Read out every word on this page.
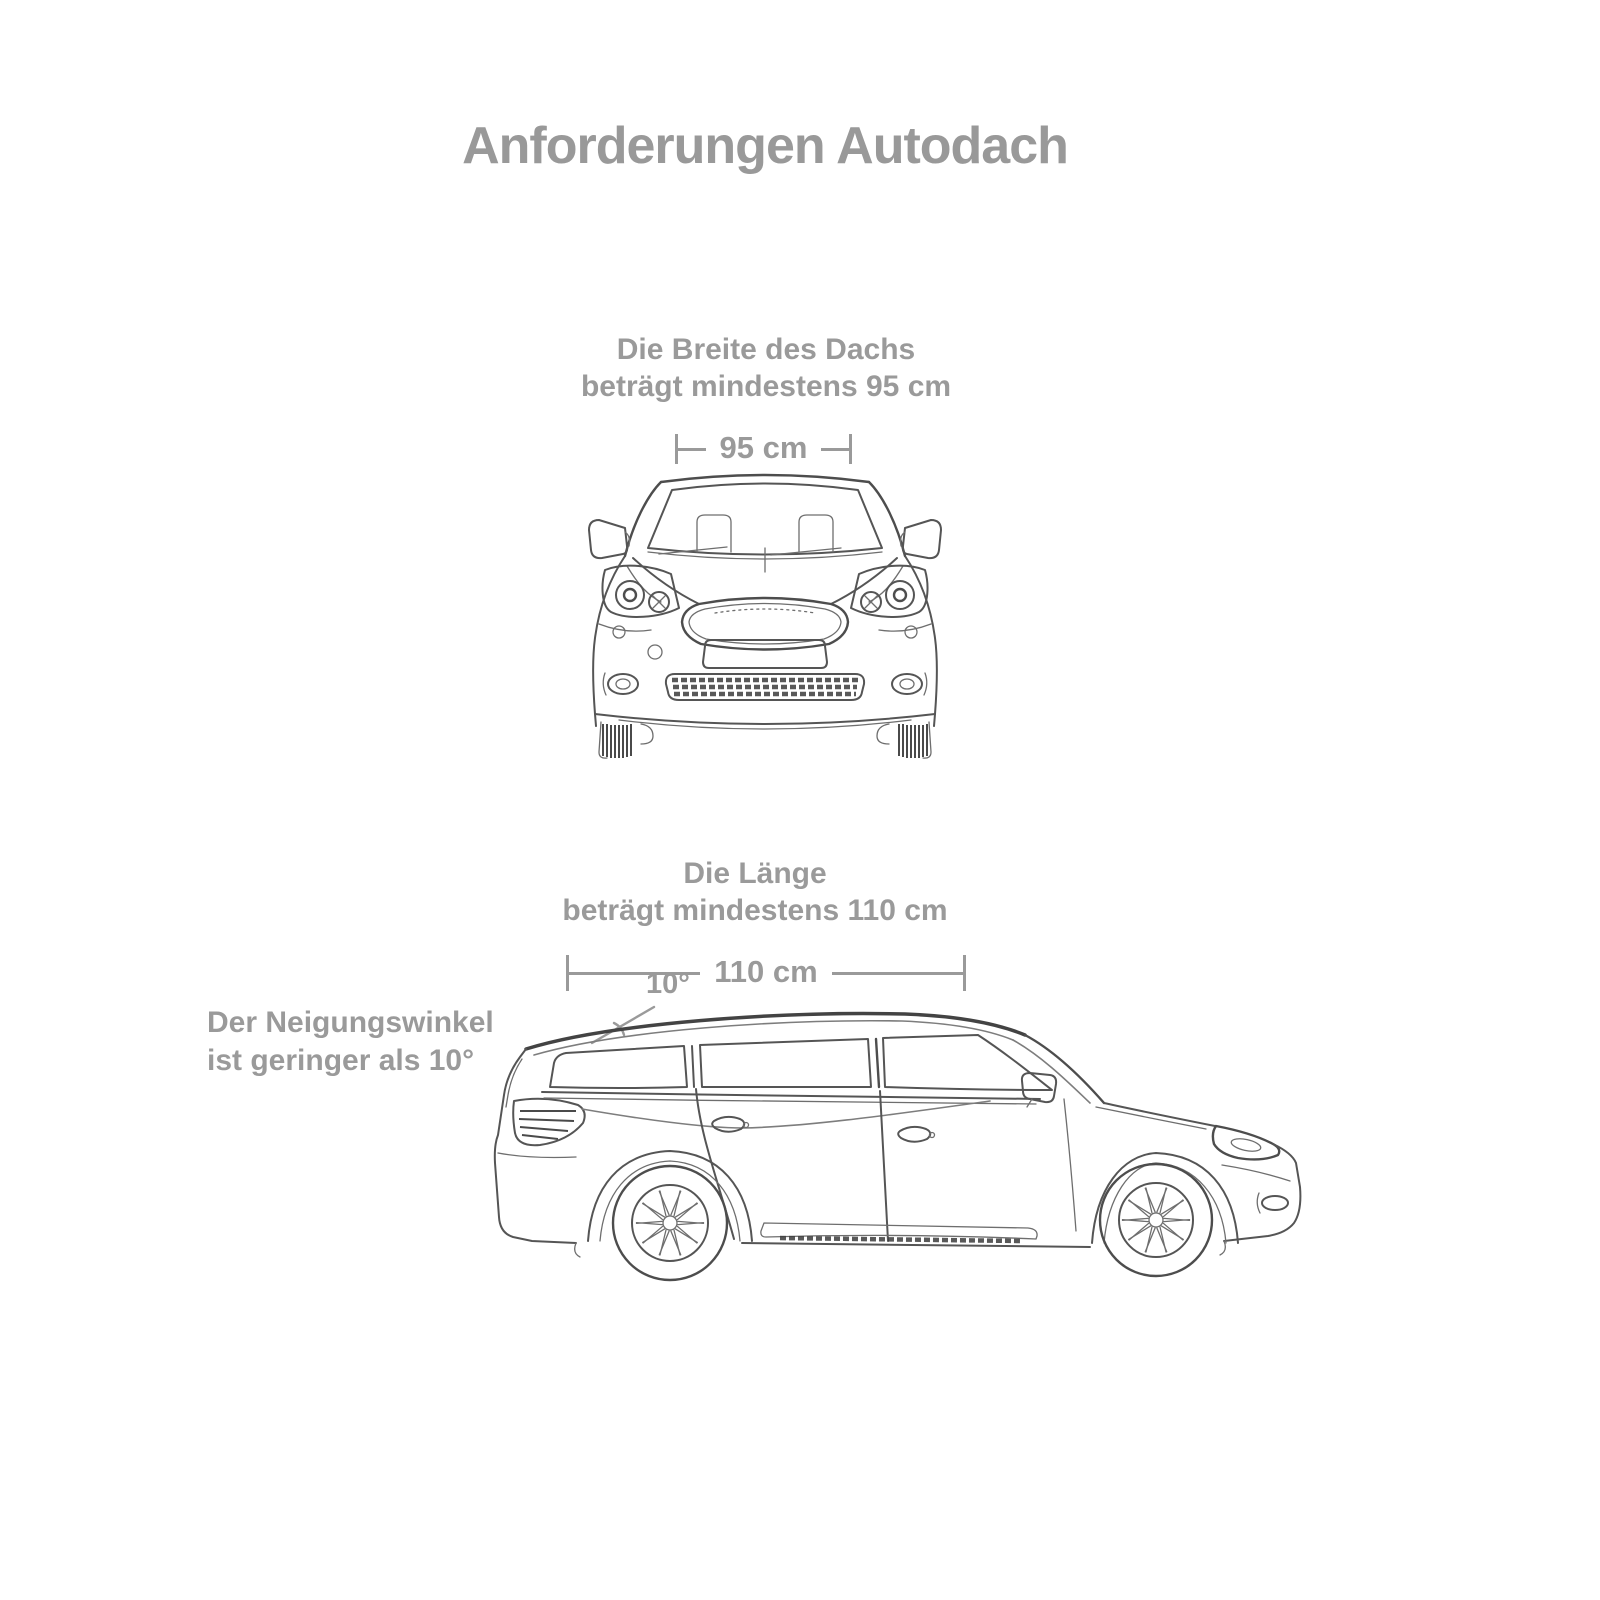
Anforderungen Autodach
Die Breite des Dachs
beträgt mindestens 95 cm
95 cm
Die Länge
beträgt mindestens 110 cm
110 cm
10°
Der Neigungswinkel
ist geringer als 10°
